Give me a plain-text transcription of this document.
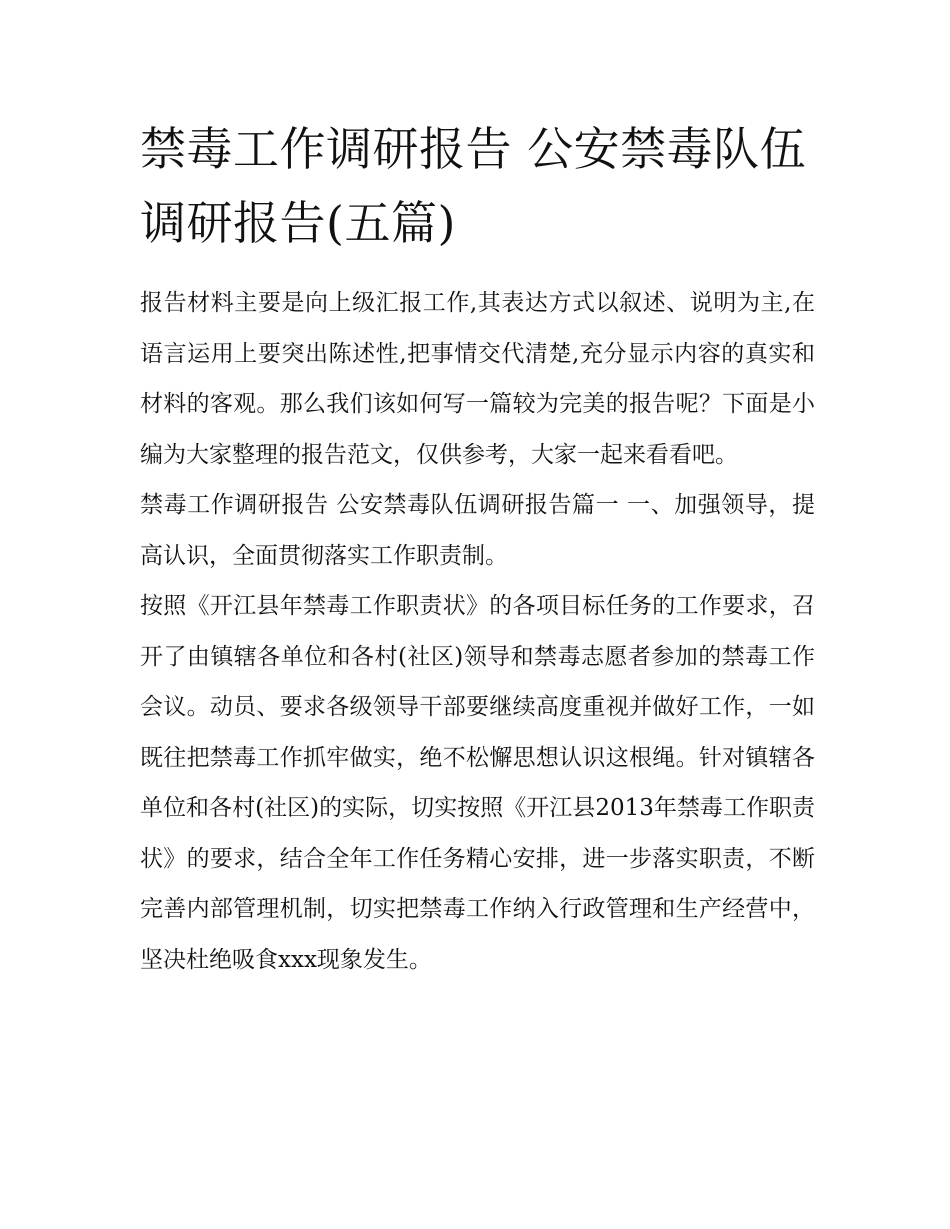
禁毒工作调研报告 公安禁毒队伍调研报告(五篇)

报告材料主要是向上级汇报工作,其表达方式以叙述、说明为主,在语言运用上要突出陈述性,把事情交代清楚,充分显示内容的真实和材料的客观。那么我们该如何写一篇较为完美的报告呢？下面是小编为大家整理的报告范文，仅供参考，大家一起来看看吧。

禁毒工作调研报告 公安禁毒队伍调研报告篇一 一、加强领导，提高认识，全面贯彻落实工作职责制。

按照《开江县年禁毒工作职责状》的各项目标任务的工作要求，召开了由镇辖各单位和各村(社区)领导和禁毒志愿者参加的禁毒工作会议。动员、要求各级领导干部要继续高度重视并做好工作，一如既往把禁毒工作抓牢做实，绝不松懈思想认识这根绳。针对镇辖各单位和各村(社区)的实际，切实按照《开江县2013年禁毒工作职责状》的要求，结合全年工作任务精心安排，进一步落实职责，不断完善内部管理机制，切实把禁毒工作纳入行政管理和生产经营中，坚决杜绝吸食xxx现象发生。
